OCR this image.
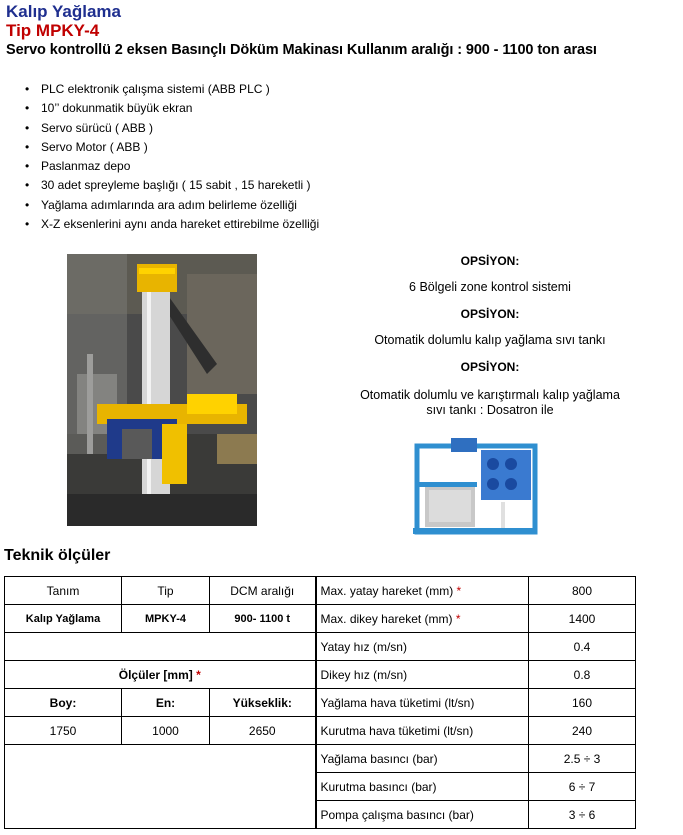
Kalıp Yağlama
Tip MPKY-4
Servo kontrollü 2 eksen Basınçlı Döküm Makinası Kullanım aralığı : 900 - 1100 ton arası
• PLC elektronik çalışma sistemi (ABB PLC )
• 10’’ dokunmatik büyük ekran
• Servo sürücü ( ABB )
• Servo Motor ( ABB )
• Paslanmaz depo
• 30 adet spreyleme başlığı ( 15 sabit , 15 hareketli )
• Yağlama adımlarında ara adım belirleme özelliği
• X-Z eksenlerini aynı anda hareket ettirebilme özelliği
OPSİYON:
6 Bölgeli zone kontrol sistemi
OPSİYON:
Otomatik dolumlu kalıp yağlama sıvı tankı
OPSİYON:
Otomatik dolumlu ve karıştırmalı kalıp yağlama
sıvı tankı : Dosatron ile
Teknik ölçüler
Tanım	Tip	DCM aralığı	Max. yatay hareket (mm) *	800
Kalıp Yağlama	MPKY-4	900- 1100 t	Max. dikey hareket (mm) *	1400
			Yatay hız (m/sn)	0.4
Ölçüler [mm] *			Dikey hız (m/sn)	0.8
Boy:	En:	Yükseklik:	Yağlama hava tüketimi (lt/sn)	160
1750	1000	2650	Kurutma hava tüketimi (lt/sn)	240
			Yağlama basıncı (bar)	2.5 ÷ 3
			Kurutma basıncı (bar)	6 ÷ 7
			Pompa çalışma basıncı (bar)	3 ÷ 6
